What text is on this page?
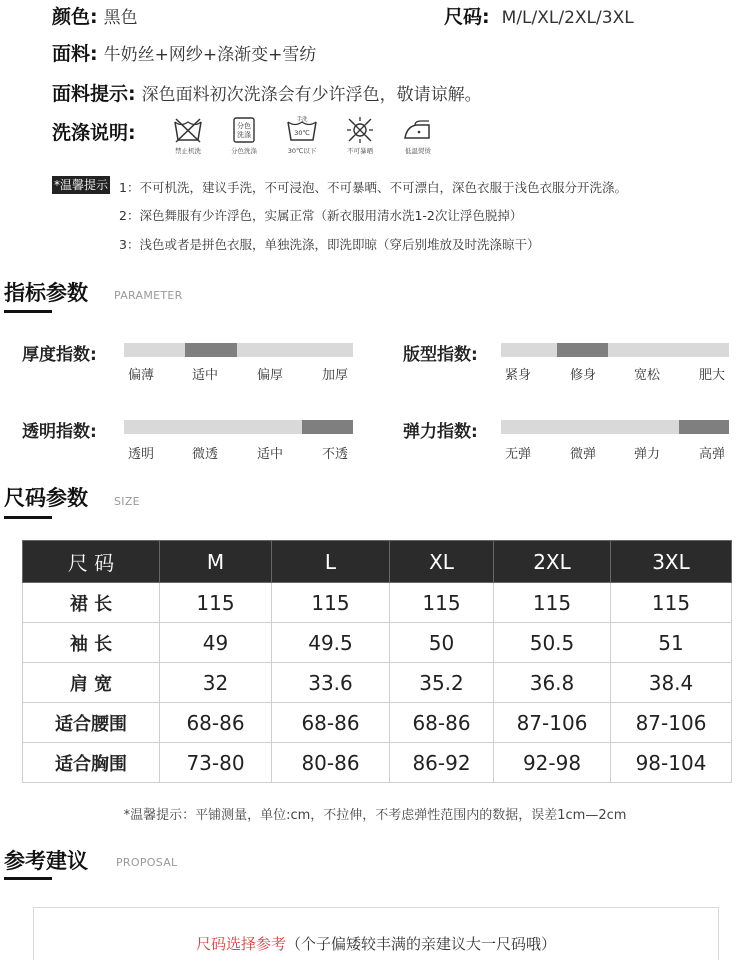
颜色: 黑色	尺码: M/L/XL/2XL/3XL
面料: 牛奶丝+网纱+涤渐变+雪纺
面料提示: 深色面料初次洗涤会有少许浮色，敬请谅解。
洗涤说明:
禁止机洗
分色
洗涤
分色洗涤
手洗
30℃
30℃以下	不可暴晒	低温熨烫
*温馨提示 1：不可机洗，建议手洗，不可浸泡、不可暴晒、不可漂白，深色衣服于浅色衣服分开洗涤。
2：深色舞服有少许浮色，实属正常（新衣服用清水洗1-2次让浮色脱掉）
3：浅色或者是拼色衣服，单独洗涤，即洗即晾（穿后别堆放及时洗涤晾干）
指标参数 PARAMETER
厚度指数:
偏薄	适中	偏厚	加厚
版型指数:
紧身	修身	宽松	肥大
透明指数:
透明	微透	适中	不透
弹力指数:
无弹	微弹	弹力	高弹
尺码参数 SIZE
尺 码	M	L	XL	2XL	3XL
裙 长	115	115	115	115	115
袖 长	49	49.5	50	50.5	51
肩 宽	32	33.6	35.2	36.8	38.4
适合腰围	68-86	68-86	68-86	87-106	87-106
适合胸围	73-80	80-86	86-92	92-98	98-104
*温馨提示：平铺测量，单位:cm，不拉伸，不考虑弹性范围内的数据，误差1cm—2cm
参考建议	PROPOSAL
尺码选择参考（个子偏矮较丰满的亲建议大一尺码哦）
